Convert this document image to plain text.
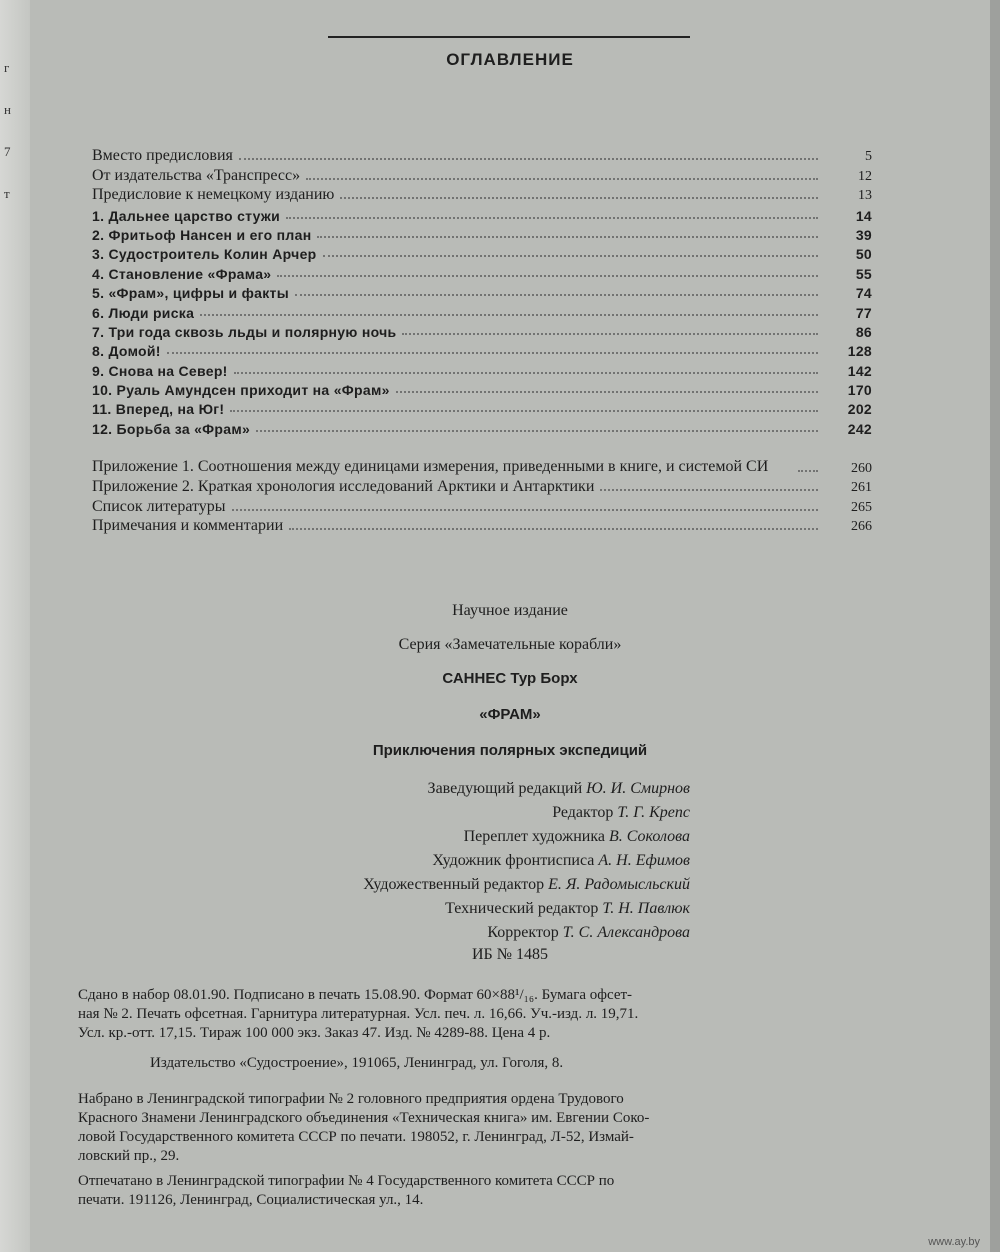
г
н
7
т
ОГЛАВЛЕНИЕ
Вместо предисловия	5
От издательства «Транспресс»	12
Предисловие к немецкому изданию	13
1. Дальнее царство стужи	14
2. Фритьоф Нансен и его план	39
3. Судостроитель Колин Арчер	50
4. Становление «Фрама»	55
5. «Фрам», цифры и факты	74
6. Люди риска	77
7. Три года сквозь льды и полярную ночь	86
8. Домой!	128
9. Снова на Север!	142
10. Руаль Амундсен приходит на «Фрам»	170
11. Вперед, на Юг!	202
12. Борьба за «Фрам»	242
Приложение 1. Соотношения между единицами измерения, приведенными в книге, и системой СИ	260
Приложение 2. Краткая хронология исследований Арктики и Антарктики	261
Список литературы	265
Примечания и комментарии	266
Научное издание
Серия «Замечательные корабли»
САННЕС Тур Борх
«ФРАМ»
Приключения полярных экспедиций
Заведующий редакций Ю. И. Смирнов
Редактор Т. Г. Крепс
Переплет художника В. Соколова
Художник фронтисписа А. Н. Ефимов
Художественный редактор Е. Я. Радомысльский
Технический редактор Т. Н. Павлюк
Корректор Т. С. Александрова
ИБ № 1485

Сдано в набор 08.01.90. Подписано в печать 15.08.90. Формат 60×88¹/₁₆. Бумага офсет-

ная № 2. Печать офсетная. Гарнитура литературная. Усл. печ. л. 16,66. Уч.-изд. л. 19,71.

Усл. кр.-отт. 17,15. Тираж 100 000 экз. Заказ 47. Изд. № 4289-88. Цена 4 р.

Издательство «Судостроение», 191065, Ленинград, ул. Гоголя, 8.

Набрано в Ленинградской типографии № 2 головного предприятия ордена Трудового

Красного Знамени Ленинградского объединения «Техническая книга» им. Евгении Соко-

ловой Государственного комитета СССР по печати. 198052, г. Ленинград, Л-52, Измай-

ловский пр., 29.

Отпечатано в Ленинградской типографии № 4 Государственного комитета СССР по

печати. 191126, Ленинград, Социалистическая ул., 14.

www.ay.by
